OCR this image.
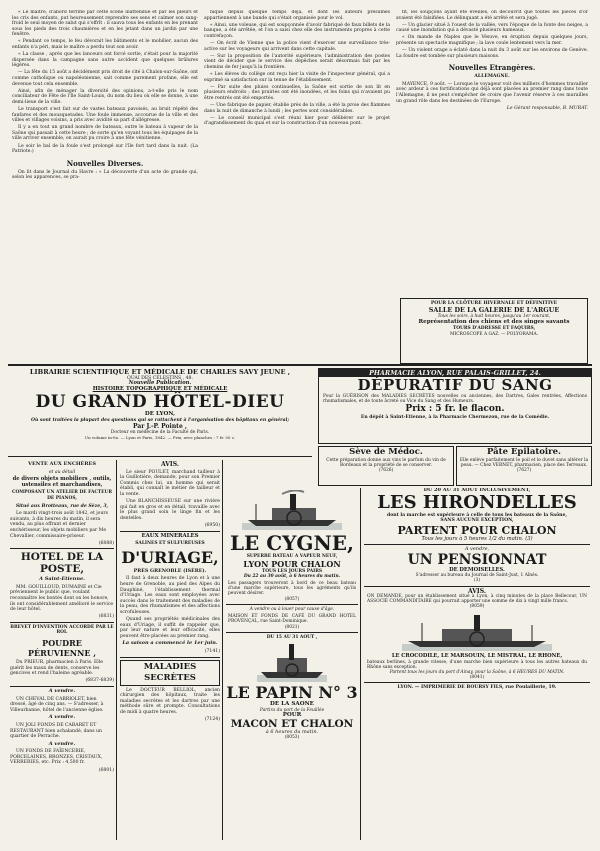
« Le maître, d'abord terrifié par cette scène inattendue et par les pleurs et les cris des enfants, put heureusement reprendre ses sens et calmer son sang-froid le seul moyen de salut qui s'offrît : il sauva tous les enfants en les prenant sous les pieds des trois chaumières et en les jetant dans un jardin par une fenêtre.

« Pendant ce temps, le feu dévorait les bâtiments et le mobilier, aucun des enfants n'a péri, mais le maître a perdu tout son avoir.

« La classe , après que les lanceurs ont forcé sortie, s'était pour la majorité dispersée dans la campagne sans autre accident que quelques brûlures légères.

— La fête du 15 août a décidément pris droit de cité à Chalon-sur-Saône, ont comme catholique ou napoléonienne, sait comme purement profane, elle est devenue tout cela ensemble.

Ainsi, afin de ménager la diversité des opinions, a-t-elle pris le nom conciliateur de Fête de l'Ile Saint-Louis, du nom du lieu où elle se donne, à une demi-lieue de la ville.

Le transport s'est fait sur de vastes bateaux pavoisés, au bruit répété des fanfares et des mousquetades. Une foule immense, accourue de la ville et des villes et villages voisins, a pris avec avidité sa part d'allégresse.

Il y a en tout un grand nombre de bateaux, outre le bateau à vapeur de la Saône qui passait à cette heure ; de sorte qu'en voyant tous les équipages de la ville arriver ensemble, on aurait pu croire à une fête vénitienne.

Le soir le bal de la foule s'est prolongé sur l'île fort tard dans la nuit. (La Patriote.)

Nouvelles Diverses.

On lit dans le Journal du Havre : « La découverte d'un acte de grande qui, selon les apparences, se pra-

nique depuis quelque temps déjà, et dont les auteurs présumés appartiennent à une bande qui s'était organisée pour le vol.

« Ainsi, une voleuse, qui est soupçonnée d'avoir fabriqué de faux billets de la banque, a été arrêtée, et l'on a saisi chez elle des instruments propres à cette contrefaçon.

— On écrit de Vienne que la police vient d'exercer une surveillance très-active sur les voyageurs qui arrivent dans cette capitale.

— Sur la proposition de l'autorité supérieure, l'administration des postes vient de décider que le service des dépêches serait désormais fait par les chemins de fer jusqu'à la frontière.

« Les élèves du collège ont reçu hier la visite de l'inspecteur général, qui a exprimé sa satisfaction sur la tenue de l'établissement.

— Par suite des pluies continuelles, la Saône est sortie de son lit en plusieurs endroits ; des prairies ont été inondées, et les foins qui n'avaient pu être rentrés ont été emportés.

— Une fabrique de papier, établie près de la ville, a été la proie des flammes dans la nuit de dimanche à lundi ; les pertes sont considérables.

— Le conseil municipal s'est réuni hier pour délibérer sur le projet d'agrandissement du quai et sur la construction d'un nouveau pont.

fit, les soupçons ayant été éveillés, on découvrit que toutes les pièces d'or avaient été falsifiées. Le délinquant a été arrêté et sera jugé.

— Un glacier situé à l'ouest de la vallée, vers l'époque de la fonte des neiges, a causé une inondation qui a dévasté plusieurs hameaux.

« On mande de Naples que le Vésuve, en éruption depuis quelques jours, présente un spectacle magnifique ; la lave coule lentement vers la mer.

— Un violent orage a éclaté dans la nuit du 3 août sur les environs de Genève. La foudre est tombée sur plusieurs maisons.

Nouvelles Etrangères.
ALLEMAGNE.

MAYENCE, 9 août. — Lorsque le voyageur voit des milliers d'hommes travailler avec ardeur à ces fortifications qui déjà sont placées au premier rang dans toute l'Allemagne, il ne peut s'empêcher de croire que l'avenir réserve à ces murailles un grand rôle dans les destinées de l'Europe.

Le Gérant responsable, B. MURAT.
POUR LA CLÔTURE HIVERNALE ET DÉFINITIVE
SALLE DE LA GALERIE DE L'ARGUE
Tous les soirs, à huit heures, jusqu'au 1er courant,
Représentation des chiens et des singes savants
TOURS D'ADRESSE ET FAQUIRS,
MICROSCOPE A GAZ. — POLYORAMA.
LIBRAIRIE SCIENTIFIQUE ET MÉDICALE DE CHARLES SAVY JEUNE ,
QUAI DES CÉLESTINS , 48.
Nouvelle Publication.
HISTOIRE TOPOGRAPHIQUE ET MÉDICALE
DU GRAND HÔTEL-DIEU
DE LYON,
Où sont traitées la plupart des questions qui se rattachent à l'organisation des hôpitaux en général;
Par J.-P. Pointe ,
Docteur en médecine de la Faculté de Paris.
Un volume in-8o. — Lyon et Paris, 1842. — Prix, avec planches : 7 fr. 50 c.
PHARMACIE ALYON, RUE PALAIS-GRILLET, 24.
DÉPURATIF DU SANG
Pour la GUÉRISON des MALADIES SECRÈTES nouvelles ou anciennes, des Dartres, Gales rentrées, Affections rhumatismales, et de toute âcreté ou Vice du Sang et des Humeurs.
Prix : 5 fr. le flacon.
En dépôt à Saint-Etienne, à la Pharmacie Chermezon, rue de la Comédie.
Sève de Médoc.
Cette préparation donne aux vins le parfum du vin de Bordeaux et la propriété de se conserver.
(7626)
Pâte Epilatoire.
Elle enlève parfaitement le poil et le duvet sans altérer la peau. — Chez VERNET, pharmacien, place des Terreaux.
(7627)
VENTE AUX ENCHÈRES
et au détail
de divers objets mobiliers , outils, ustensiles et marchandises,
COMPOSANT UN ATELIER DE FACTEUR DE PIANOS,
Situé aux Brotteaux, rue de Sèze, 3,

Le mardi vingt-trois août 1842, et jours suivants, à dix heures du matin, il sera vendu, au plus offrant et dernier enchérisseur, les objets mobiliers par Me Chevallier, commissaire-priseur.

(6888)
HOTEL DE LA POSTE,
A Saint-Etienne.

MM. GOUILLOUD, DUMAINE et Cie préviennent le public que, voulant reconnaître les bontés dont on les honore, ils ont considérablement amélioré le service de leur hôtel.

(6831)
BREVET D'INVENTION ACCORDÉ PAR LE ROI.
POUDRE PÉRUVIENNE ,

Du PRIEUR, pharmacien à Paris. Elle guérit les maux de dents, conserve les gencives et rend l'haleine agréable.

(6837-6839)
A vendre.

UN CHEVAL DE CABRIOLET, bien dressé, âgé de cinq ans. — S'adresser, à Villeurbanne, hôtel de l'ancienne église.

A vendre.

UN JOLI FONDS DE CABARET ET RESTAURANT bien achalandé, dans un quartier de Perrache.

A vendre.

UN FONDS DE FAÏENCERIE, PORCELAINES, BRONZES, CRISTAUX, VERRERIES, etc. Prix : 4,500 fr.

(6801)
AVIS.

Le sieur POULET, marchand tailleur à la Guillotière, demande, pour son Premier Commis chez lui, un homme qui serait établi, qui connaît le métier de tailleur et la vente.

Une BLANCHISSEUSE sur une rivière qui fait en gros et en détail, travaille avec le plus grand soin le linge fin et les dentelles.

(6950)
EAUX MINERALES
SALINES ET SULFUREUSES
D'URIAGE,
PRÈS GRENOBLE (ISÈRE).

Il faut à deux heures de Lyon et à une heure de Grenoble, au pied des Alpes du Dauphiné, l'établissement thermal d'Uriage. Les eaux sont employées avec succès dans le traitement des maladies de la peau, des rhumatismes et des affections scrofuleuses.

Quand ses propriétés médicinales des eaux d'Uriage, il suffit de rappeler que, par leur nature et leur efficacité, elles peuvent être placées au premier rang.

La saison a commencé le 1er juin.
(7141)
MALADIES SECRÈTES

Le DOCTEUR BELLIOL, ancien chirurgien des hôpitaux, traite les maladies secrètes et les dartres par une méthode sûre et prompte. Consultations de midi à quatre heures.

(7124)
LE CYGNE,
SUPERBE BATEAU A VAPEUR NEUF,
LYON POUR CHALON
TOUS LES JOURS PAIRS
Du 22 au 30 août, à 6 heures du matin.
Les passagers trouveront à bord de ce beau bateau d'une marche supérieure, tous les agréments qu'ils peuvent désirer.
(8057)
A vendre ou à louer pour cause d'âge.
MAISON ET FONDS DE CAFÉ DU GRAND HOTEL PROVENÇAL, rue Saint-Dominique.
(8021)
DU 15 AU 31 AOUT ,
LE PAPIN N° 3
DE LA SAONE
Partira du port de la Feuillée
POUR
MACON ET CHALON
à 6 heures du matin.
(8053)
DU 20 AU 31 AOUT INCLUSIVEMENT,
LES HIRONDELLES
dont la marche est supérieure à celle de tous les bateaux de la Saône,
SANS AUCUNE EXCEPTION,
PARTENT POUR CHALON
Tous les jours à 5 heures 1/2 du matin. (3)
A vendre,
UN PENSIONNAT
DE DEMOISELLES.
S'adresser au bureau du Journal de Saint-Just, 1 Aînés.
(3)
AVIS.
ON DEMANDE, pour un établissement situé à Lyon, à cinq minutes de la place Bellecour, UN ASSOCIÉ COMMANDITAIRE qui pourrait apporter une somme de dix à vingt mille francs.
(8059)
LE CROCODILE, LE MARSOUIN, LE MISTRAL, LE RHONE,
bateaux berlines, à grande vitesse, d'une marche bien supérieure à tous les autres bateaux du Rhône sans exception.
Partent tous les jours du port d'Ainay, pour la Saône, à 6 HEURES DU MATIN.
(8041)
LYON. — IMPRIMERIE DE BOURSY FILS, rue Poulaillerie, 19.
